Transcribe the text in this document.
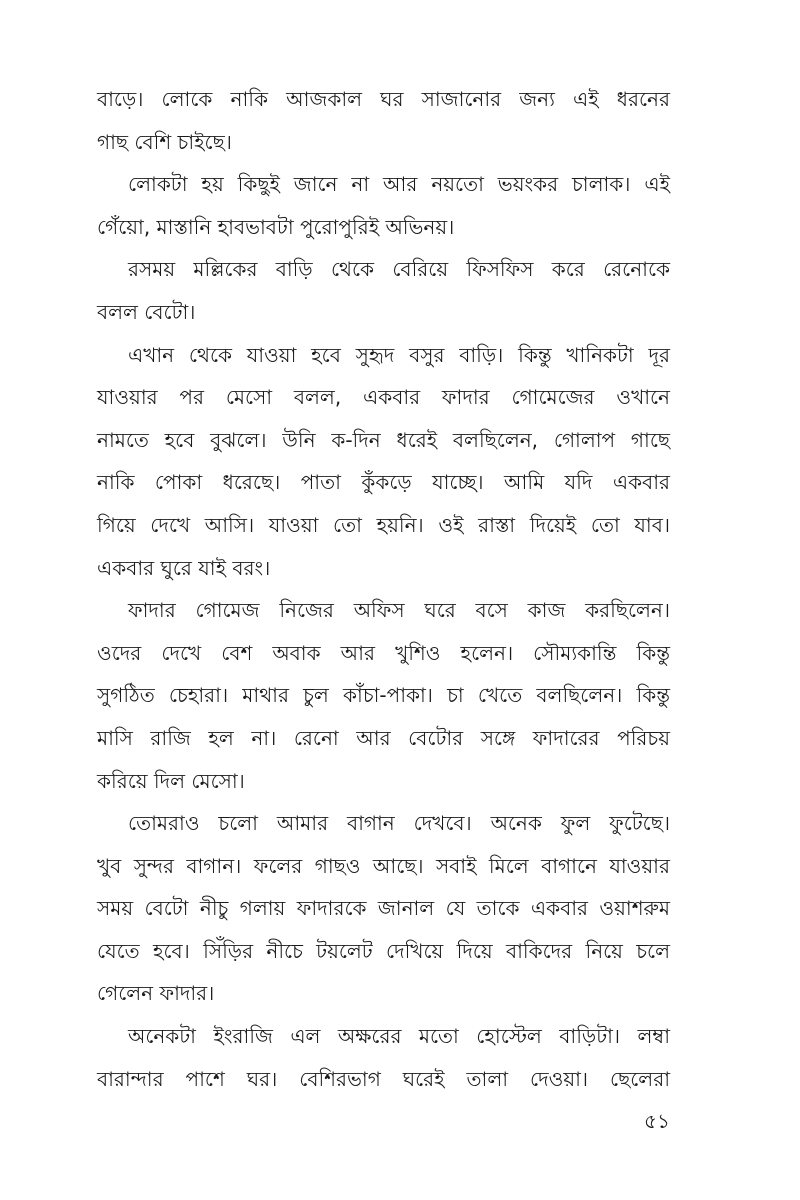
বাড়ে। লোকে নাকি আজকাল ঘর সাজানোর জন্য এই ধরনের
গাছ বেশি চাইছে।
লোকটা হয় কিছুই জানে না আর নয়তো ভয়ংকর চালাক। এই
গেঁয়ো, মাস্তানি হাবভাবটা পুরোপুরিই অভিনয়।
রসময় মল্লিকের বাড়ি থেকে বেরিয়ে ফিসফিস করে রেনোকে
বলল বেটো।
এখান থেকে যাওয়া হবে সুহৃদ বসুর বাড়ি। কিন্তু খানিকটা দূর
যাওয়ার পর মেসো বলল, একবার ফাদার গোমেজের ওখানে
নামতে হবে বুঝলে। উনি ক-দিন ধরেই বলছিলেন, গোলাপ গাছে
নাকি পোকা ধরেছে। পাতা কুঁকড়ে যাচ্ছে। আমি যদি একবার
গিয়ে দেখে আসি। যাওয়া তো হয়নি। ওই রাস্তা দিয়েই তো যাব।
একবার ঘুরে যাই বরং।
ফাদার গোমেজ নিজের অফিস ঘরে বসে কাজ করছিলেন।
ওদের দেখে বেশ অবাক আর খুশিও হলেন। সৌম্যকান্তি কিন্তু
সুগঠিত চেহারা। মাথার চুল কাঁচা-পাকা। চা খেতে বলছিলেন। কিন্তু
মাসি রাজি হল না। রেনো আর বেটোর সঙ্গে ফাদারের পরিচয়
করিয়ে দিল মেসো।
তোমরাও চলো আমার বাগান দেখবে। অনেক ফুল ফুটেছে।
খুব সুন্দর বাগান। ফলের গাছও আছে। সবাই মিলে বাগানে যাওয়ার
সময় বেটো নীচু গলায় ফাদারকে জানাল যে তাকে একবার ওয়াশরুম
যেতে হবে। সিঁড়ির নীচে টয়লেট দেখিয়ে দিয়ে বাকিদের নিয়ে চলে
গেলেন ফাদার।
অনেকটা ইংরাজি এল অক্ষরের মতো হোস্টেল বাড়িটা। লম্বা
বারান্দার পাশে ঘর। বেশিরভাগ ঘরেই তালা দেওয়া। ছেলেরা
৫১
